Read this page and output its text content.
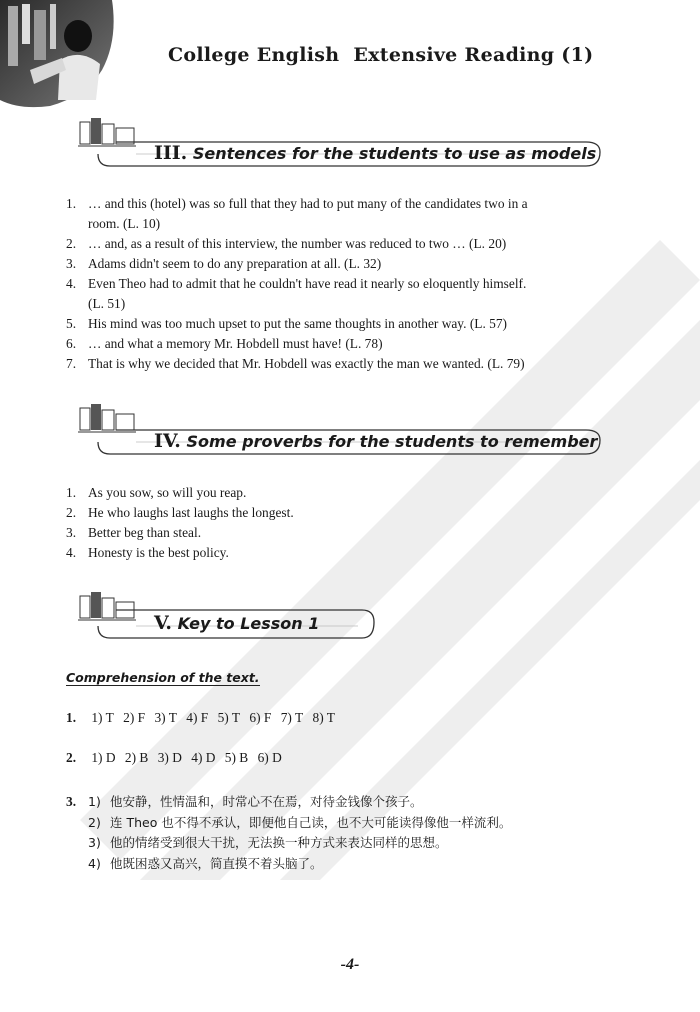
College English Extensive Reading (1)
III. Sentences for the students to use as models
1. … and this (hotel) was so full that they had to put many of the candidates two in a
room. (L. 10)
2. … and, as a result of this interview, the number was reduced to two … (L. 20)
3. Adams didn't seem to do any preparation at all. (L. 32)
4. Even Theo had to admit that he couldn't have read it nearly so eloquently himself.
(L. 51)
5. His mind was too much upset to put the same thoughts in another way. (L. 57)
6. … and what a memory Mr. Hobdell must have! (L. 78)
7. That is why we decided that Mr. Hobdell was exactly the man we wanted. (L. 79)
IV. Some proverbs for the students to remember
1. As you sow, so will you reap.
2. He who laughs last laughs the longest.
3. Better beg than steal.
4. Honesty is the best policy.
V. Key to Lesson 1
Comprehension of the text.
1. 1) T 2) F 3) T 4) F 5) T 6) F 7) T 8) T
2. 1) D 2) B 3) D 4) D 5) B 6) D
3. 1) 他安静，性情温和，时常心不在焉，对待金钱像个孩子。
2) 连 Theo 也不得不承认，即便他自己读，也不大可能读得像他一样流利。
3) 他的情绪受到很大干扰，无法换一种方式来表达同样的思想。
4) 他既困惑又高兴，简直摸不着头脑了。
-4-
